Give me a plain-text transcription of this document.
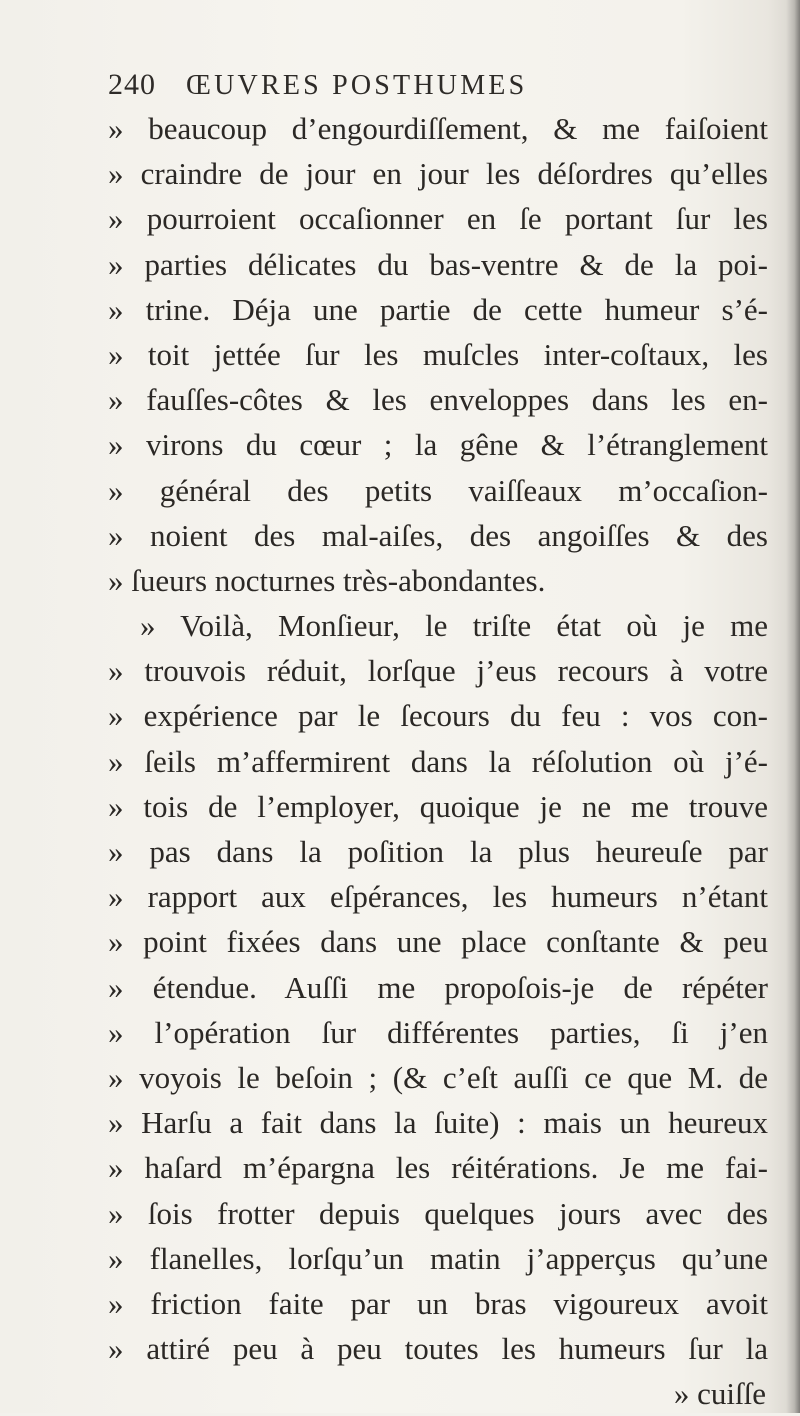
240 ŒUVRES POSTHUMES
» beaucoup d’engourdiſſement, & me faiſoient
» craindre de jour en jour les déſordres qu’elles
» pourroient occaſionner en ſe portant ſur les
» parties délicates du bas-ventre & de la poi-
» trine. Déja une partie de cette humeur s’é-
» toit jettée ſur les muſcles inter-coſtaux, les
» fauſſes-côtes & les enveloppes dans les en-
» virons du cœur ; la gêne & l’étranglement
» général des petits vaiſſeaux m’occaſion-
» noient des mal-aiſes, des angoiſſes & des
» ſueurs nocturnes très-abondantes.
» Voilà, Monſieur, le triſte état où je me
» trouvois réduit, lorſque j’eus recours à votre
» expérience par le ſecours du feu : vos con-
» ſeils m’affermirent dans la réſolution où j’é-
» tois de l’employer, quoique je ne me trouve
» pas dans la poſition la plus heureuſe par
» rapport aux eſpérances, les humeurs n’étant
» point fixées dans une place conſtante & peu
» étendue. Auſſi me propoſois-je de répéter
» l’opération ſur différentes parties, ſi j’en
» voyois le beſoin ; (& c’eſt auſſi ce que M. de
» Harſu a fait dans la ſuite) : mais un heureux
» haſard m’épargna les réitérations. Je me fai-
» ſois frotter depuis quelques jours avec des
» flanelles, lorſqu’un matin j’apperçus qu’une
» friction faite par un bras vigoureux avoit
» attiré peu à peu toutes les humeurs ſur la
» cuiſſe
